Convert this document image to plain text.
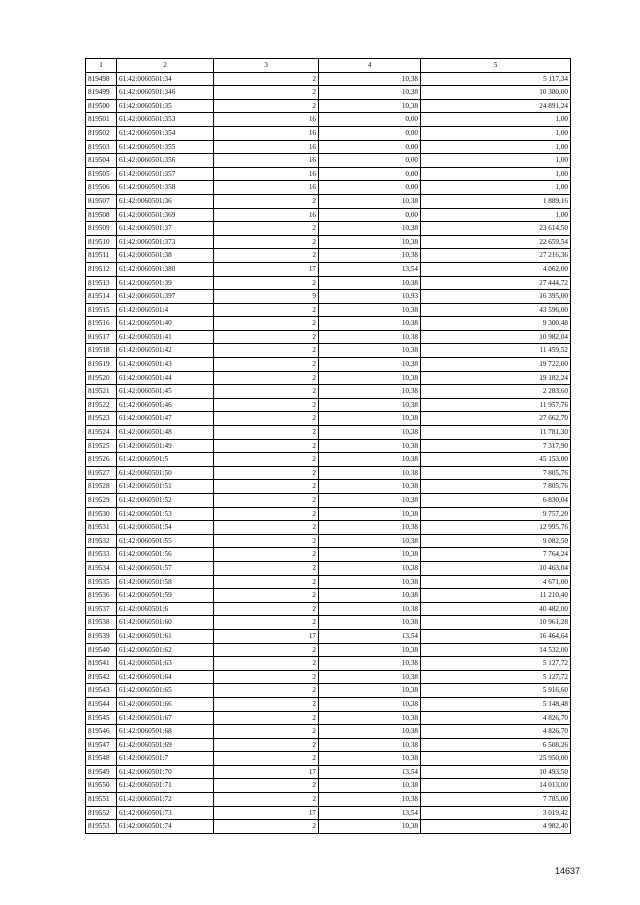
1	2	3	4	5
819498	61:42:0060501:34	2	10,38	5 117,34
819499	61:42:0060501:346	2	10,38	10 380,00
819500	61:42:0060501:35	2	10,38	24 891,24
819501	61:42:0060501:353	16	0,00	1,00
819502	61:42:0060501:354	16	0,00	1,00
819503	61:42:0060501:355	16	0,00	1,00
819504	61:42:0060501:356	16	0,00	1,00
819505	61:42:0060501:357	16	0,00	1,00
819506	61:42:0060501:358	16	0,00	1,00
819507	61:42:0060501:36	2	10,38	1 889,16
819508	61:42:0060501:369	16	0,00	1,00
819509	61:42:0060501:37	2	10,38	23 614,50
819510	61:42:0060501:373	2	10,38	22 659,54
819511	61:42:0060501:38	2	10,38	27 216,36
819512	61:42:0060501:380	17	13,54	4 062,00
819513	61:42:0060501:39	2	10,38	27 444,72
819514	61:42:0060501:397	9	10,93	16 395,00
819515	61:42:0060501:4	2	10,38	43 596,00
819516	61:42:0060501:40	2	10,38	9 300,48
819517	61:42:0060501:41	2	10,38	10 982,04
819518	61:42:0060501:42	2	10,38	11 459,52
819519	61:42:0060501:43	2	10,38	19 722,00
819520	61:42:0060501:44	2	10,38	19 182,24
819521	61:42:0060501:45	2	10,38	2 283,60
819522	61:42:0060501:46	2	10,38	11 957,76
819523	61:42:0060501:47	2	10,38	27 662,70
819524	61:42:0060501:48	2	10,38	11 781,30
819525	61:42:0060501:49	2	10,38	7 317,90
819526	61:42:0060501:5	2	10,38	45 153,00
819527	61:42:0060501:50	2	10,38	7 805,76
819528	61:42:0060501:51	2	10,38	7 805,76
819529	61:42:0060501:52	2	10,38	6 830,04
819530	61:42:0060501:53	2	10,38	9 757,20
819531	61:42:0060501:54	2	10,38	12 995,76
819532	61:42:0060501:55	2	10,38	9 082,50
819533	61:42:0060501:56	2	10,38	7 764,24
819534	61:42:0060501:57	2	10,38	10 463,04
819535	61:42:0060501:58	2	10,38	4 671,00
819536	61:42:0060501:59	2	10,38	11 210,40
819537	61:42:0060501:6	2	10,38	40 482,00
819538	61:42:0060501:60	2	10,38	10 961,28
819539	61:42:0060501:61	17	13,54	16 464,64
819540	61:42:0060501:62	2	10,38	14 532,00
819541	61:42:0060501:63	2	10,38	5 127,72
819542	61:42:0060501:64	2	10,38	5 127,72
819543	61:42:0060501:65	2	10,38	5 916,60
819544	61:42:0060501:66	2	10,38	5 148,48
819545	61:42:0060501:67	2	10,38	4 826,70
819546	61:42:0060501:68	2	10,38	4 826,70
819547	61:42:0060501:69	2	10,38	6 508,26
819548	61:42:0060501:7	2	10,38	25 950,00
819549	61:42:0060501:70	17	13,54	10 493,50
819550	61:42:0060501:71	2	10,38	14 013,00
819551	61:42:0060501:72	2	10,38	7 785,00
819552	61:42:0060501:73	17	13,54	3 019,42
819553	61:42:0060501:74	2	10,38	4 982,40
14637
